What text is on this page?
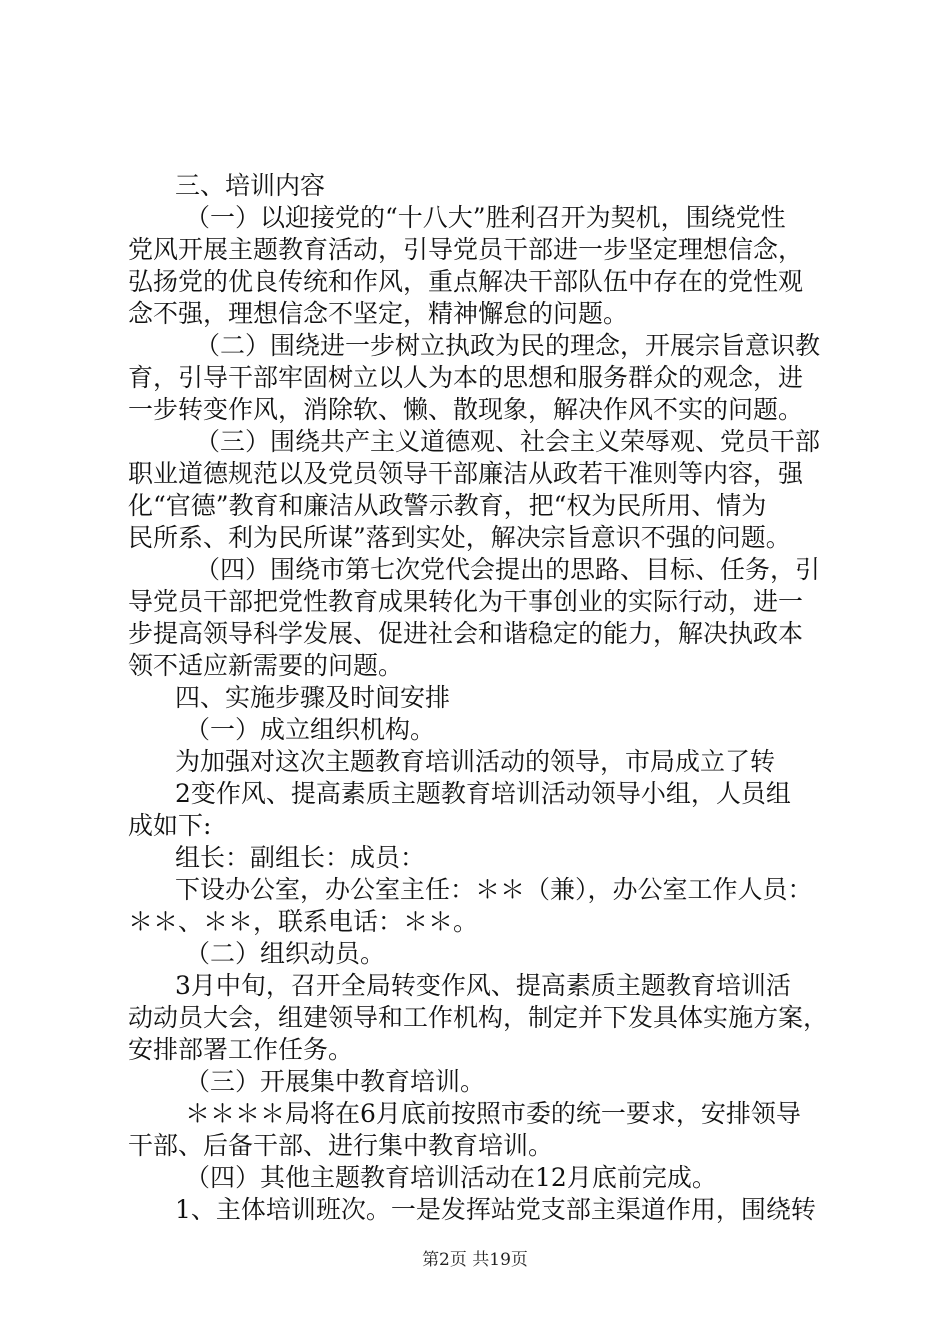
三、培训内容
（一）以迎接党的“十八大”胜利召开为契机，围绕党性
党风开展主题教育活动，引导党员干部进一步坚定理想信念，
弘扬党的优良传统和作风，重点解决干部队伍中存在的党性观
念不强，理想信念不坚定，精神懈怠的问题。
（二）围绕进一步树立执政为民的理念，开展宗旨意识教
育，引导干部牢固树立以人为本的思想和服务群众的观念，进
一步转变作风，消除软、懒、散现象，解决作风不实的问题。
（三）围绕共产主义道德观、社会主义荣辱观、党员干部
职业道德规范以及党员领导干部廉洁从政若干准则等内容，强
化“官德”教育和廉洁从政警示教育，把“权为民所用、情为
民所系、利为民所谋”落到实处，解决宗旨意识不强的问题。
（四）围绕市第七次党代会提出的思路、目标、任务，引
导党员干部把党性教育成果转化为干事创业的实际行动，进一
步提高领导科学发展、促进社会和谐稳定的能力，解决执政本
领不适应新需要的问题。
四、实施步骤及时间安排
（一）成立组织机构。
为加强对这次主题教育培训活动的领导，市局成立了转
2变作风、提高素质主题教育培训活动领导小组，人员组
成如下:
组长：副组长：成员：
下设办公室，办公室主任：＊＊（兼），办公室工作人员：
＊＊、＊＊，联系电话：＊＊。
（二）组织动员。
3月中旬，召开全局转变作风、提高素质主题教育培训活
动动员大会，组建领导和工作机构，制定并下发具体实施方案，
安排部署工作任务。
（三）开展集中教育培训。
＊＊＊＊局将在6月底前按照市委的统一要求，安排领导
干部、后备干部、进行集中教育培训。
（四）其他主题教育培训活动在12月底前完成。
1、主体培训班次。一是发挥站党支部主渠道作用，围绕转
第2页 共19页
